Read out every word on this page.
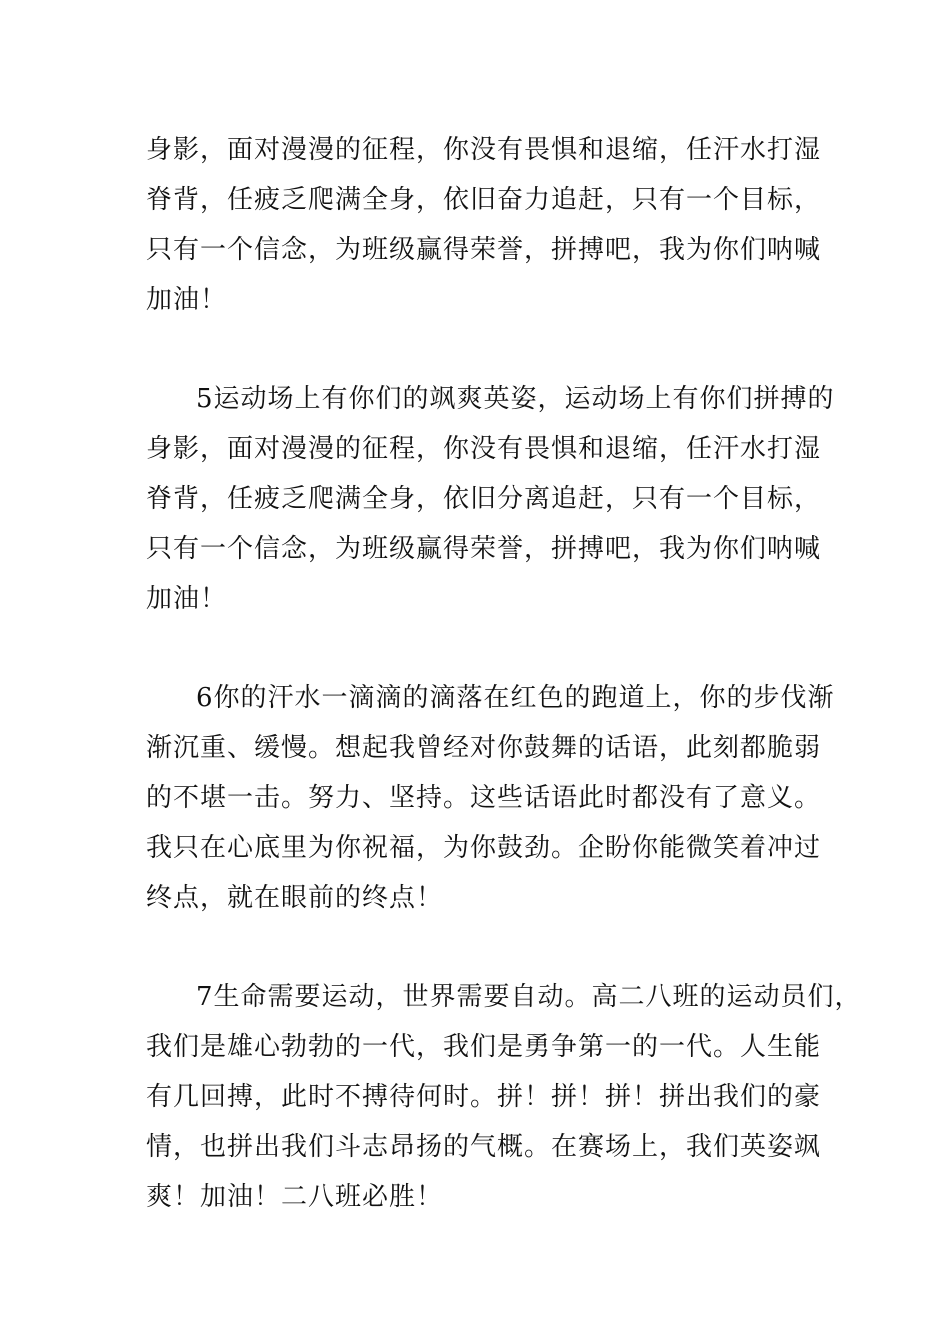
身影，面对漫漫的征程，你没有畏惧和退缩，任汗水打湿
脊背，任疲乏爬满全身，依旧奋力追赶，只有一个目标，
只有一个信念，为班级赢得荣誉，拼搏吧，我为你们呐喊
加油！
5运动场上有你们的飒爽英姿，运动场上有你们拼搏的
身影，面对漫漫的征程，你没有畏惧和退缩，任汗水打湿
脊背，任疲乏爬满全身，依旧分离追赶，只有一个目标，
只有一个信念，为班级赢得荣誉，拼搏吧，我为你们呐喊
加油！
6你的汗水一滴滴的滴落在红色的跑道上，你的步伐渐
渐沉重、缓慢。想起我曾经对你鼓舞的话语，此刻都脆弱
的不堪一击。努力、坚持。这些话语此时都没有了意义。
我只在心底里为你祝福，为你鼓劲。企盼你能微笑着冲过
终点，就在眼前的终点！
7生命需要运动，世界需要自动。高二八班的运动员们，
我们是雄心勃勃的一代，我们是勇争第一的一代。人生能
有几回搏，此时不搏待何时。拼！拼！拼！拼出我们的豪
情，也拼出我们斗志昂扬的气概。在赛场上，我们英姿飒
爽！加油！二八班必胜！
